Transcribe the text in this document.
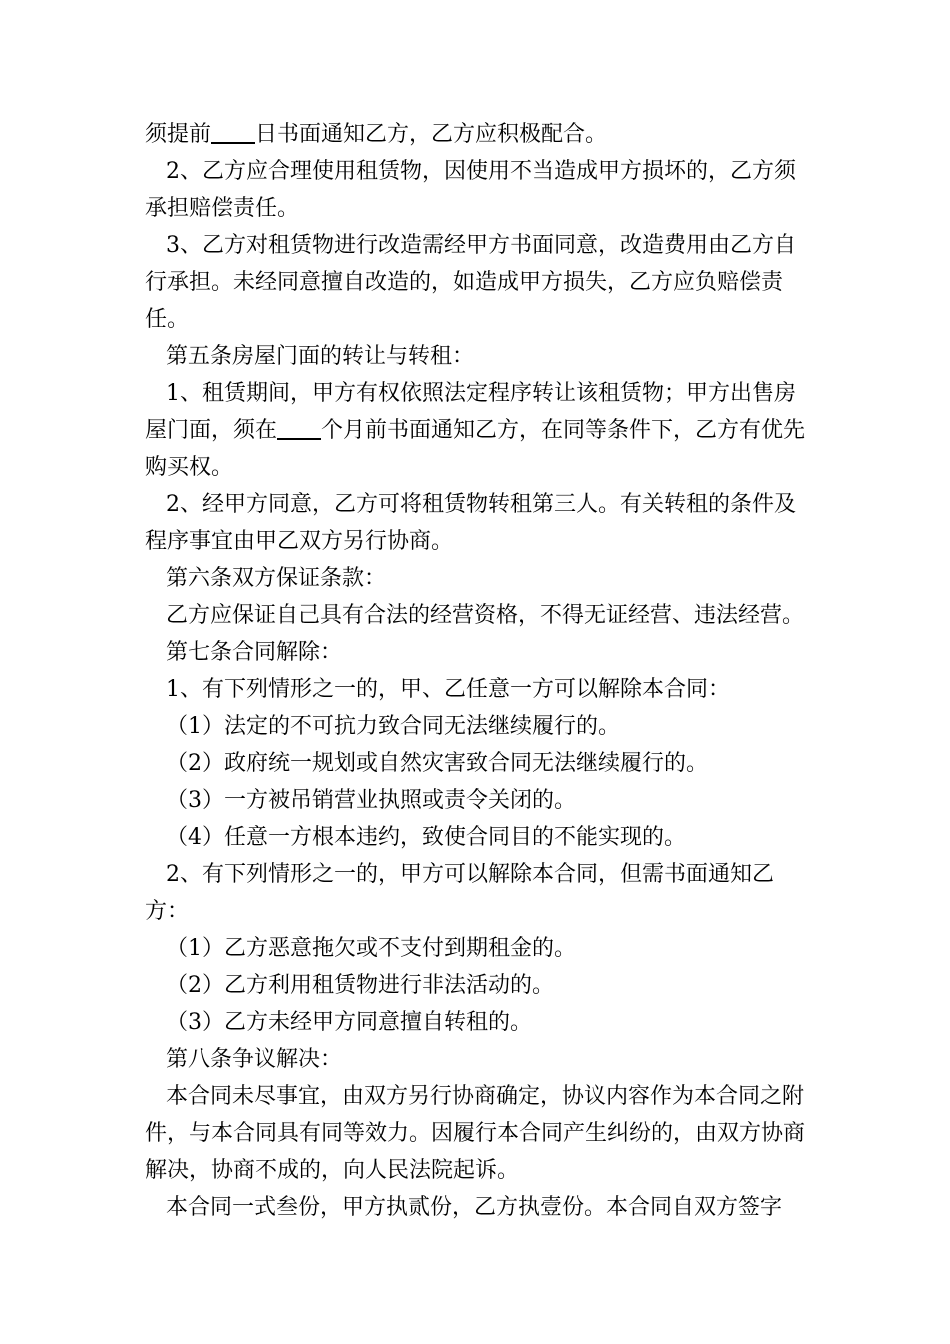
须提前 日书面通知乙方，乙方应积极配合。

2、乙方应合理使用租赁物，因使用不当造成甲方损坏的，乙方须承担赔偿责任。

3、乙方对租赁物进行改造需经甲方书面同意，改造费用由乙方自行承担。未经同意擅自改造的，如造成甲方损失，乙方应负赔偿责任。

第五条房屋门面的转让与转租：

1、租赁期间，甲方有权依照法定程序转让该租赁物；甲方出售房屋门面，须在 个月前书面通知乙方，在同等条件下，乙方有优先购买权。

2、经甲方同意，乙方可将租赁物转租第三人。有关转租的条件及程序事宜由甲乙双方另行协商。

第六条双方保证条款：

乙方应保证自己具有合法的经营资格，不得无证经营、违法经营。

第七条合同解除：

1、有下列情形之一的，甲、乙任意一方可以解除本合同：

（1）法定的不可抗力致合同无法继续履行的。

（2）政府统一规划或自然灾害致合同无法继续履行的。

（3）一方被吊销营业执照或责令关闭的。

（4）任意一方根本违约，致使合同目的不能实现的。

2、有下列情形之一的，甲方可以解除本合同，但需书面通知乙方：

（1）乙方恶意拖欠或不支付到期租金的。

（2）乙方利用租赁物进行非法活动的。

（3）乙方未经甲方同意擅自转租的。

第八条争议解决：

本合同未尽事宜，由双方另行协商确定，协议内容作为本合同之附件，与本合同具有同等效力。因履行本合同产生纠纷的，由双方协商解决，协商不成的，向人民法院起诉。

本合同一式叁份，甲方执贰份，乙方执壹份。本合同自双方签字
